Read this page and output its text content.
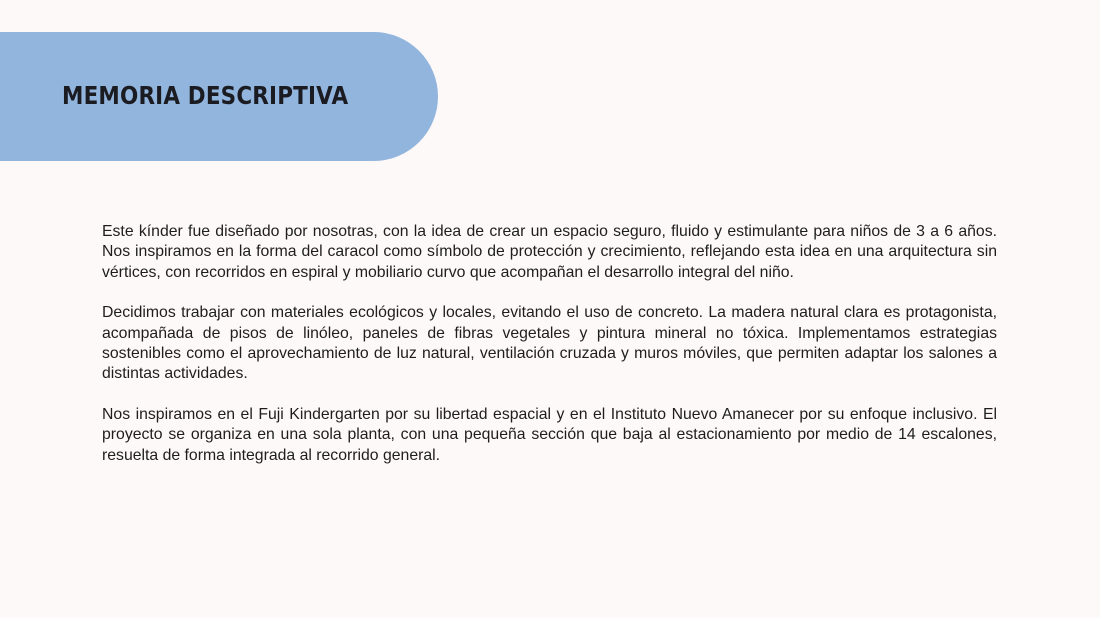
MEMORIA DESCRIPTIVA

Este kínder fue diseñado por nosotras, con la idea de crear un espacio seguro, fluido y estimulante para niños de 3 a 6 años. Nos inspiramos en la forma del caracol como símbolo de protección y crecimiento, reflejando esta idea en una arquitectura sin vértices, con recorridos en espiral y mobiliario curvo que acompañan el desarrollo integral del niño.

Decidimos trabajar con materiales ecológicos y locales, evitando el uso de concreto. La madera natural clara es protagonista, acompañada de pisos de linóleo, paneles de fibras vegetales y pintura mineral no tóxica. Implementamos estrategias sostenibles como el aprovechamiento de luz natural, ventilación cruzada y muros móviles, que permiten adaptar los salones a distintas actividades.

Nos inspiramos en el Fuji Kindergarten por su libertad espacial y en el Instituto Nuevo Amanecer por su enfoque inclusivo. El proyecto se organiza en una sola planta, con una pequeña sección que baja al estacionamiento por medio de 14 escalones, resuelta de forma integrada al recorrido general.
